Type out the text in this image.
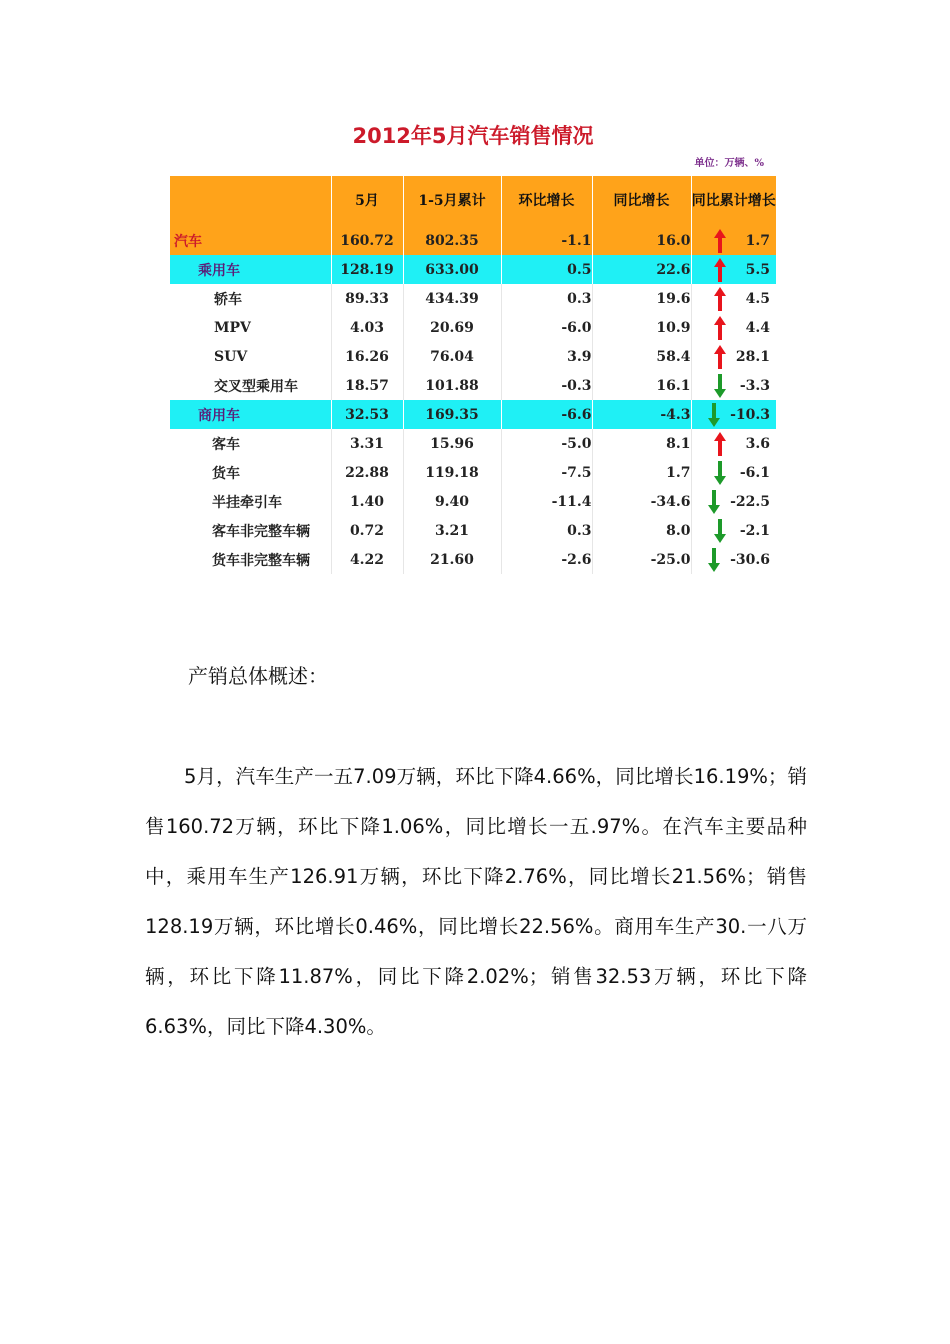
2012年5月汽车销售情况
单位：万辆、%
	5月	1-5月累计	环比增长	同比增长	同比累计增长
汽车	160.72	802.35	-1.1	16.0	1.7

乘用车	128.19	633.00	0.5	22.6	5.5

轿车	89.33	434.39	0.3	19.6	4.5

MPV	4.03	20.69	-6.0	10.9	4.4

SUV	16.26	76.04	3.9	58.4	28.1

交叉型乘用车	18.57	101.88	-0.3	16.1	-3.3

商用车	32.53	169.35	-6.6	-4.3	-10.3

客车	3.31	15.96	-5.0	8.1	3.6

货车	22.88	119.18	-7.5	1.7	-6.1

半挂牵引车	1.40	9.40	-11.4	-34.6	-22.5

客车非完整车辆	0.72	3.21	0.3	8.0	-2.1

货车非完整车辆	4.22	21.60	-2.6	-25.0	-30.6
产销总体概述：
5月，汽车生产一五7.09万辆，环比下降4.66%，同比增长16.19%；销售160.72万辆，环比下降1.06%，同比增长一五.97%。在汽车主要品种中，乘用车生产126.91万辆，环比下降2.76%，同比增长21.56%；销售128.19万辆，环比增长0.46%，同比增长22.56%。商用车生产30.一八万辆，环比下降11.87%，同比下降2.02%；销售32.53万辆，环比下降6.63%，同比下降4.30%。
